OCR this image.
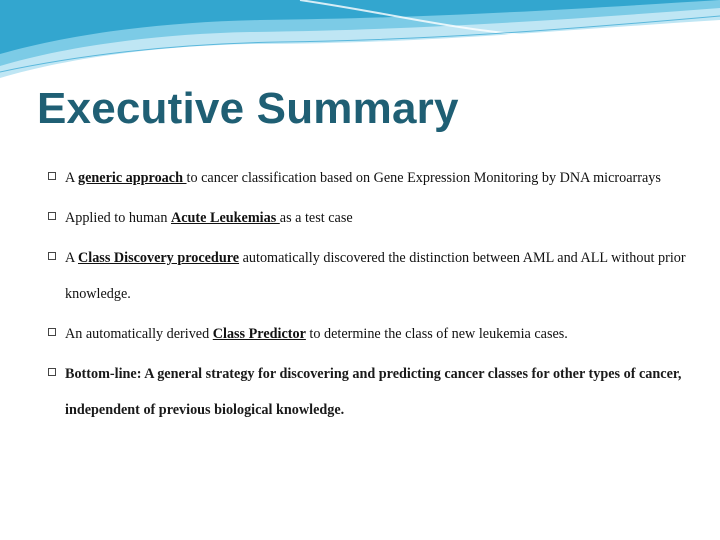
Executive Summary
A generic approach to cancer classification based on Gene Expression Monitoring by DNA microarrays
Applied to human Acute Leukemias as a test case
A Class Discovery procedure automatically discovered the distinction between AML and ALL without prior knowledge.
An automatically derived Class Predictor to determine the class of new leukemia cases.
Bottom-line: A general strategy for discovering and predicting cancer classes for other types of cancer, independent of previous biological knowledge.
